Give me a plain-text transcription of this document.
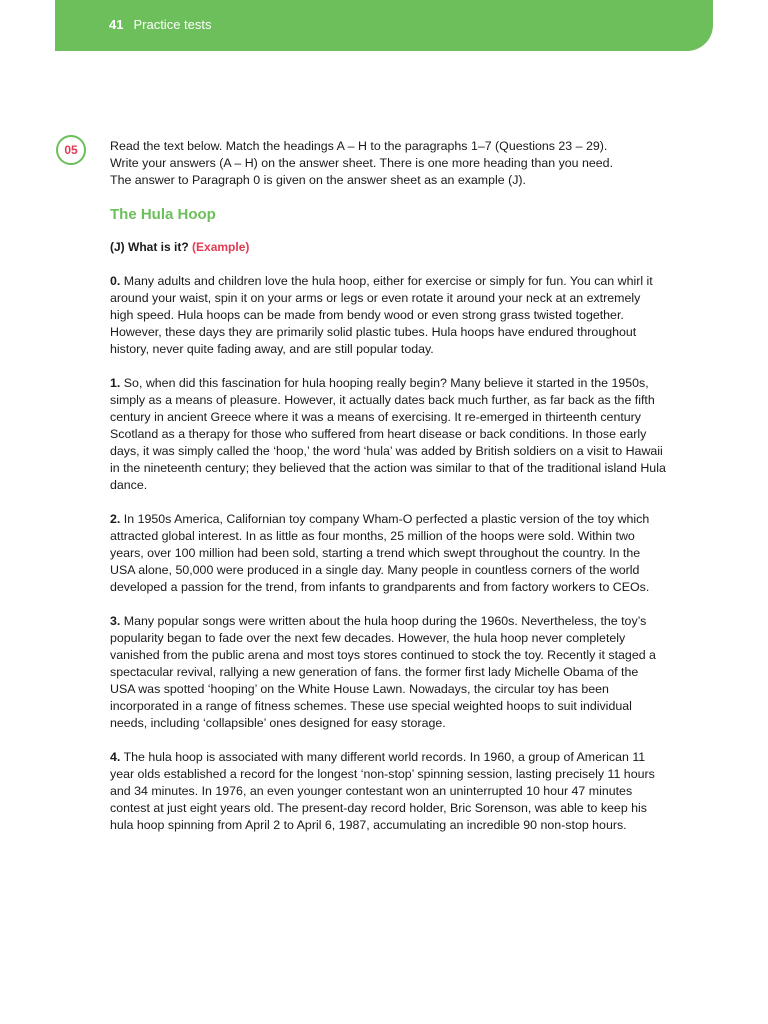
41 Practice tests
05	Read the text below. Match the headings A – H to the paragraphs 1–7 (Questions 23 – 29).

Write your answers (A – H) on the answer sheet. There is one more heading than you need.

The answer to Paragraph 0 is given on the answer sheet as an example (J).

The Hula Hoop

(J) What is it? (Example)

0. Many adults and children love the hula hoop, either for exercise or simply for fun. You can whirl it around your waist, spin it on your arms or legs or even rotate it around your neck at an extremely high speed. Hula hoops can be made from bendy wood or even strong grass twisted together. However, these days they are primarily solid plastic tubes. Hula hoops have endured throughout history, never quite fading away, and are still popular today.

1. So, when did this fascination for hula hooping really begin? Many believe it started in the 1950s, simply as a means of pleasure. However, it actually dates back much further, as far back as the fifth century in ancient Greece where it was a means of exercising. It re-emerged in thirteenth century Scotland as a therapy for those who suffered from heart disease or back conditions. In those early days, it was simply called the ‘hoop,’ the word ‘hula’ was added by British soldiers on a visit to Hawaii in the nineteenth century; they believed that the action was similar to that of the traditional island Hula dance.

2. In 1950s America, Californian toy company Wham-O perfected a plastic version of the toy which attracted global interest. In as little as four months, 25 million of the hoops were sold. Within two years, over 100 million had been sold, starting a trend which swept throughout the country. In the USA alone, 50,000 were produced in a single day. Many people in countless corners of the world developed a passion for the trend, from infants to grandparents and from factory workers to CEOs.

3. Many popular songs were written about the hula hoop during the 1960s. Nevertheless, the toy’s popularity began to fade over the next few decades. However, the hula hoop never completely vanished from the public arena and most toys stores continued to stock the toy. Recently it staged a spectacular revival, rallying a new generation of fans. the former first lady Michelle Obama of the USA was spotted ‘hooping’ on the White House Lawn. Nowadays, the circular toy has been incorporated in a range of fitness schemes. These use special weighted hoops to suit individual needs, including ‘collapsible’ ones designed for easy storage.

4. The hula hoop is associated with many different world records. In 1960, a group of American 11 year olds established a record for the longest ‘non-stop’ spinning session, lasting precisely 11 hours and 34 minutes. In 1976, an even younger contestant won an uninterrupted 10 hour 47 minutes contest at just eight years old. The present-day record holder, Bric Sorenson, was able to keep his hula hoop spinning from April 2 to April 6, 1987, accumulating an incredible 90 non-stop hours.
